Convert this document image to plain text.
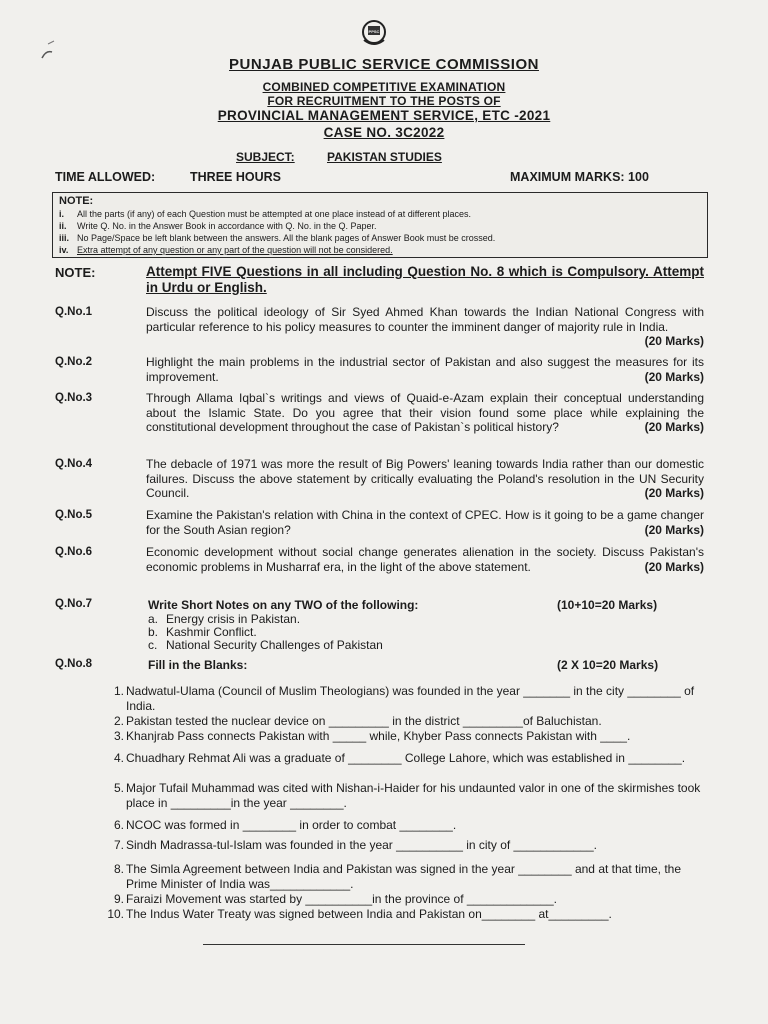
PPSC
PUNJAB PUBLIC SERVICE COMMISSION
COMBINED COMPETITIVE EXAMINATION
FOR RECRUITMENT TO THE POSTS OF
PROVINCIAL MANAGEMENT SERVICE, ETC -2021
CASE NO. 3C2022
SUBJECT:	PAKISTAN STUDIES
TIME ALLOWED:	THREE HOURS	MAXIMUM MARKS: 100
NOTE:
i. All the parts (if any) of each Question must be attempted at one place instead of at different places.
ii. Write Q. No. in the Answer Book in accordance with Q. No. in the Q. Paper.
iii. No Page/Space be left blank between the answers. All the blank pages of Answer Book must be crossed.
iv. Extra attempt of any question or any part of the question will not be considered.
NOTE:	Attempt FIVE Questions in all including Question No. 8 which is Compulsory. Attempt in Urdu or English.
Q.No.1	Discuss the political ideology of Sir Syed Ahmed Khan towards the Indian National Congress with particular reference to his policy measures to counter the imminent danger of majority rule in India.
(20 Marks)
Q.No.2	Highlight the main problems in the industrial sector of Pakistan and also suggest the measures for its improvement.	(20 Marks)
Q.No.3	Through Allama Iqbal`s writings and views of Quaid-e-Azam explain their conceptual understanding about the Islamic State. Do you agree that their vision found some place while explaining the constitutional development throughout the case of Pakistan`s political history?	(20 Marks)
Q.No.4	The debacle of 1971 was more the result of Big Powers' leaning towards India rather than our domestic failures. Discuss the above statement by critically evaluating the Poland's resolution in the UN Security Council.	(20 Marks)
Q.No.5	Examine the Pakistan's relation with China in the context of CPEC. How is it going to be a game changer for the South Asian region?	(20 Marks)
Q.No.6	Economic development without social change generates alienation in the society. Discuss Pakistan's economic problems in Musharraf era, in the light of the above statement.	(20 Marks)
Q.No.7	Write Short Notes on any TWO of the following:	(10+10=20 Marks)
a. Energy crisis in Pakistan.
b. Kashmir Conflict.
c. National Security Challenges of Pakistan
Q.No.8	Fill in the Blanks:	(2 X 10=20 Marks)
1. Nadwatul-Ulama (Council of Muslim Theologians) was founded in the year _______ in the city ________ of India.
2. Pakistan tested the nuclear device on _________ in the district _________of Baluchistan.
3. Khanjrab Pass connects Pakistan with _____ while, Khyber Pass connects Pakistan with ____.
4. Chuadhary Rehmat Ali was a graduate of ________ College Lahore, which was established in ________.
5. Major Tufail Muhammad was cited with Nishan-i-Haider for his undaunted valor in one of the skirmishes took place in _________in the year ________.
6. NCOC was formed in ________ in order to combat ________.
7. Sindh Madrassa-tul-Islam was founded in the year __________ in city of ____________.
8. The Simla Agreement between India and Pakistan was signed in the year ________ and at that time, the Prime Minister of India was____________.
9. Faraizi Movement was started by __________in the province of _____________.
10. The Indus Water Treaty was signed between India and Pakistan on________ at_________.
